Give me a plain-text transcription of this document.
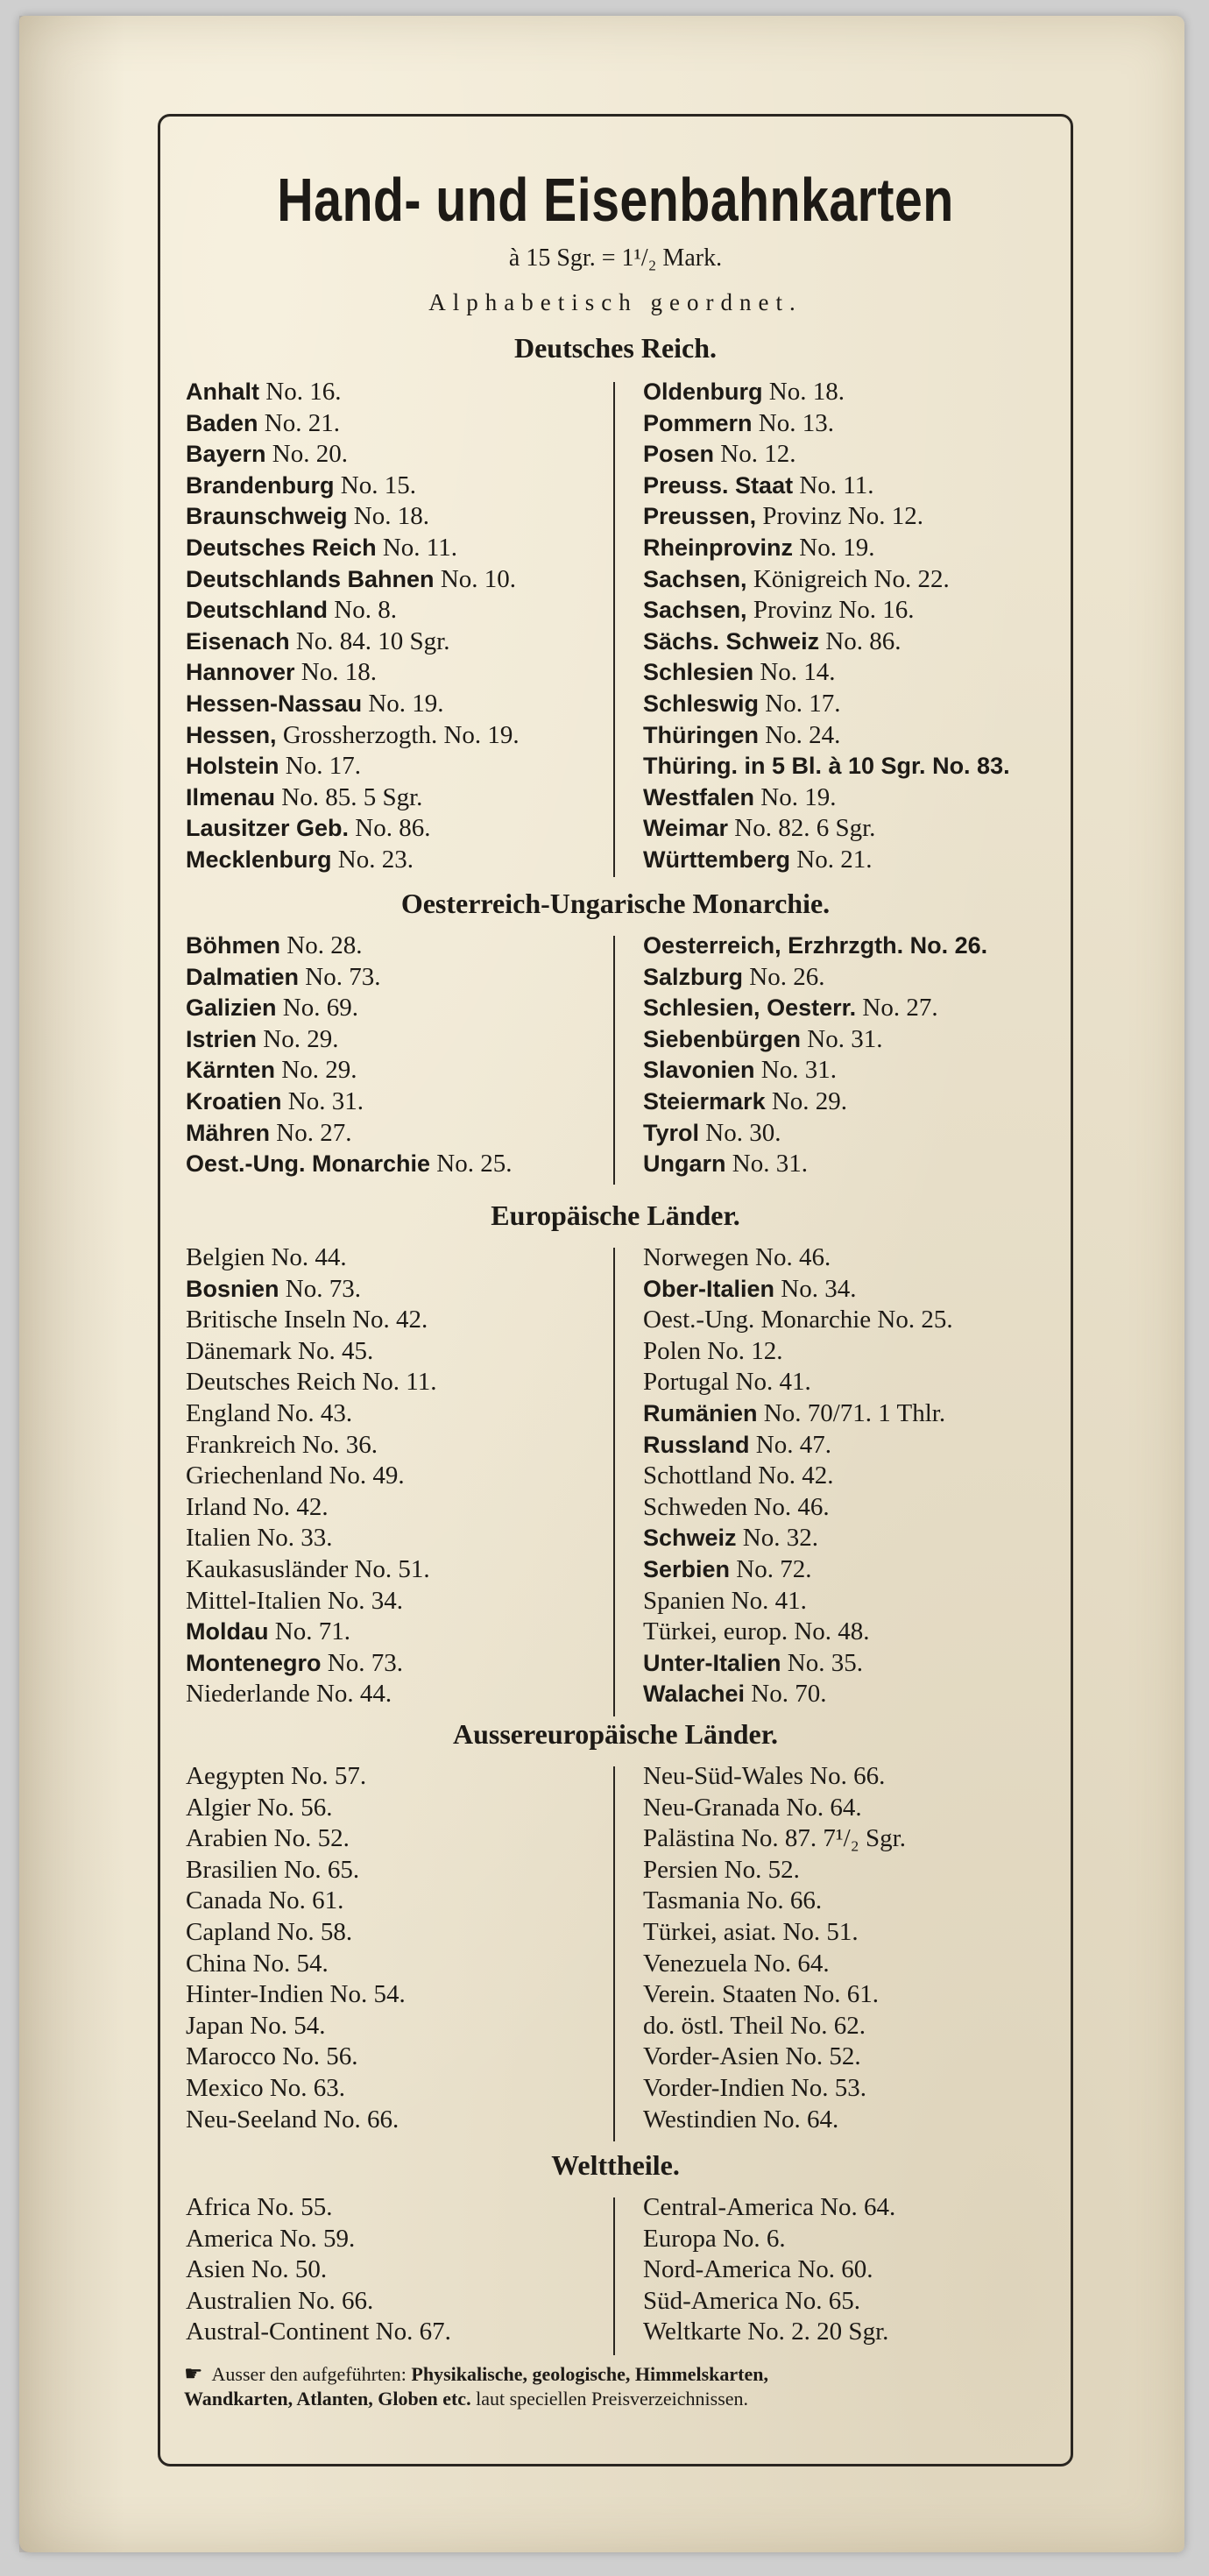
Hand- und Eisenbahnkarten
à 15 Sgr. = 1¹/₂ Mark.
Alphabetisch geordnet.
Deutsches Reich.
Anhalt No. 16.
Baden No. 21.
Bayern No. 20.
Brandenburg No. 15.
Braunschweig No. 18.
Deutsches Reich No. 11.
Deutschlands Bahnen No. 10.
Deutschland No. 8.
Eisenach No. 84. 10 Sgr.
Hannover No. 18.
Hessen-Nassau No. 19.
Hessen, Grossherzogth. No. 19.
Holstein No. 17.
Ilmenau No. 85. 5 Sgr.
Lausitzer Geb. No. 86.
Mecklenburg No. 23.
Oldenburg No. 18.
Pommern No. 13.
Posen No. 12.
Preuss. Staat No. 11.
Preussen, Provinz No. 12.
Rheinprovinz No. 19.
Sachsen, Königreich No. 22.
Sachsen, Provinz No. 16.
Sächs. Schweiz No. 86.
Schlesien No. 14.
Schleswig No. 17.
Thüringen No. 24.
Thüring. in 5 Bl. à 10 Sgr. No. 83.
Westfalen No. 19.
Weimar No. 82. 6 Sgr.
Württemberg No. 21.
Oesterreich-Ungarische Monarchie.
Böhmen No. 28.
Dalmatien No. 73.
Galizien No. 69.
Istrien No. 29.
Kärnten No. 29.
Kroatien No. 31.
Mähren No. 27.
Oest.-Ung. Monarchie No. 25.
Oesterreich, Erzhrzgth. No. 26.
Salzburg No. 26.
Schlesien, Oesterr. No. 27.
Siebenbürgen No. 31.
Slavonien No. 31.
Steiermark No. 29.
Tyrol No. 30.
Ungarn No. 31.
Europäische Länder.
Belgien No. 44.
Bosnien No. 73.
Britische Inseln No. 42.
Dänemark No. 45.
Deutsches Reich No. 11.
England No. 43.
Frankreich No. 36.
Griechenland No. 49.
Irland No. 42.
Italien No. 33.
Kaukasusländer No. 51.
Mittel-Italien No. 34.
Moldau No. 71.
Montenegro No. 73.
Niederlande No. 44.
Norwegen No. 46.
Ober-Italien No. 34.
Oest.-Ung. Monarchie No. 25.
Polen No. 12.
Portugal No. 41.
Rumänien No. 70/71. 1 Thlr.
Russland No. 47.
Schottland No. 42.
Schweden No. 46.
Schweiz No. 32.
Serbien No. 72.
Spanien No. 41.
Türkei, europ. No. 48.
Unter-Italien No. 35.
Walachei No. 70.
Aussereuropäische Länder.
Aegypten No. 57.
Algier No. 56.
Arabien No. 52.
Brasilien No. 65.
Canada No. 61.
Capland No. 58.
China No. 54.
Hinter-Indien No. 54.
Japan No. 54.
Marocco No. 56.
Mexico No. 63.
Neu-Seeland No. 66.
Neu-Süd-Wales No. 66.
Neu-Granada No. 64.
Palästina No. 87. 7¹/₂ Sgr.
Persien No. 52.
Tasmania No. 66.
Türkei, asiat. No. 51.
Venezuela No. 64.
Verein. Staaten No. 61.
do. östl. Theil No. 62.
Vorder-Asien No. 52.
Vorder-Indien No. 53.
Westindien No. 64.
Welttheile.
Africa No. 55.
America No. 59.
Asien No. 50.
Australien No. 66.
Austral-Continent No. 67.
Central-America No. 64.
Europa No. 6.
Nord-America No. 60.
Süd-America No. 65.
Weltkarte No. 2. 20 Sgr.
☛ Ausser den aufgeführten: Physikalische, geologische, Himmelskarten,
Wandkarten, Atlanten, Globen etc. laut speciellen Preisverzeichnissen.
